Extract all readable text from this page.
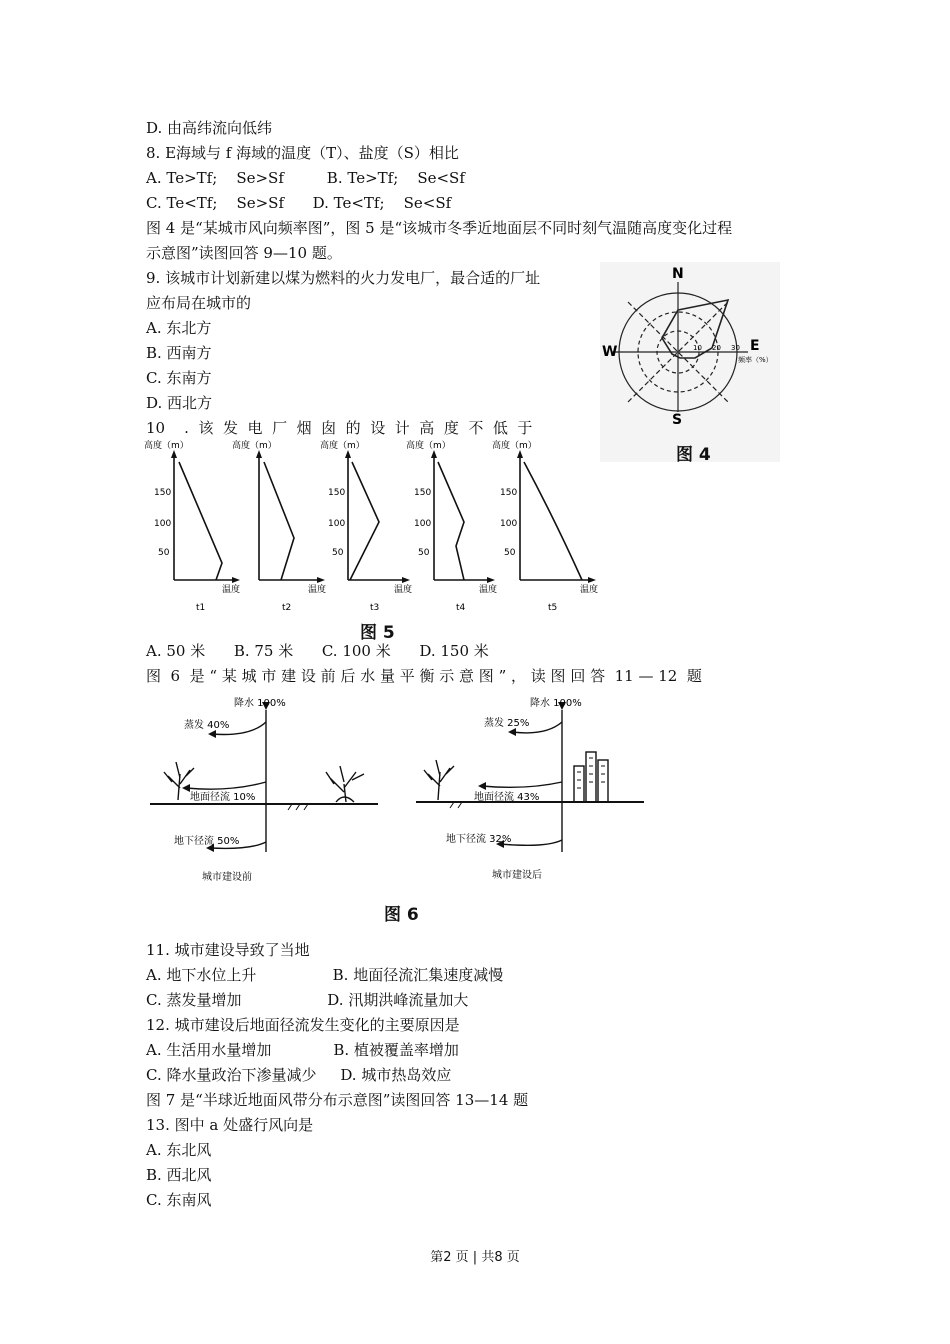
D. 由高纬流向低纬
8. E海域与 f 海域的温度（T）、盐度（S）相比
A. Te>Tf;    Se>Sf         B. Te>Tf;    Se<Sf
C. Te<Tf;    Se>Sf      D. Te<Tf;    Se<Sf
图 4 是“某城市风向频率图”，图 5 是“该城市冬季近地面层不同时刻气温随高度变化过程
示意图”读图回答 9—10 题。
9. 该城市计划新建以煤为燃料的火力发电厂，最合适的厂址
应布局在城市的
A. 东北方
B. 西南方
C. 东南方
D. 西北方
10    .  该  发  电  厂  烟  囱  的  设  计  高  度  不  低  于
A. 50 米      B. 75 米      C. 100 米      D. 150 米
图  6  是 “ 某 城 市 建 设 前 后 水 量 平 衡 示 意 图 ” ， 读 图 回 答  11 — 12  题
11. 城市建设导致了当地
A. 地下水位上升                B. 地面径流汇集速度减慢
C. 蒸发量增加                  D. 汛期洪峰流量加大
12. 城市建设后地面径流发生变化的主要原因是
A. 生活用水量增加             B. 植被覆盖率增加
C. 降水量政治下渗量减少     D. 城市热岛效应
图 7 是“半球近地面风带分布示意图”读图回答 13—14 题
13. 图中 a 处盛行风向是
A. 东北风
B. 西北风
C. 东南风
N
S
E
W	10 20 30
频率（%）
图 4
高度（m）	高度（m）	高度（m）	高度（m）	高度（m）
150
100
50
150
100
50
150
100
50
150
100
50
温度	温度	温度	温度	温度
t1	t2	t3	t4	t5
图 5
降水 100%
蒸发 40%
地面径流 10%
地下径流 50%
城市建设前
降水 100%
蒸发 25%
地面径流 43%
地下径流 32%
城市建设后
图 6
第2 页 | 共8 页
